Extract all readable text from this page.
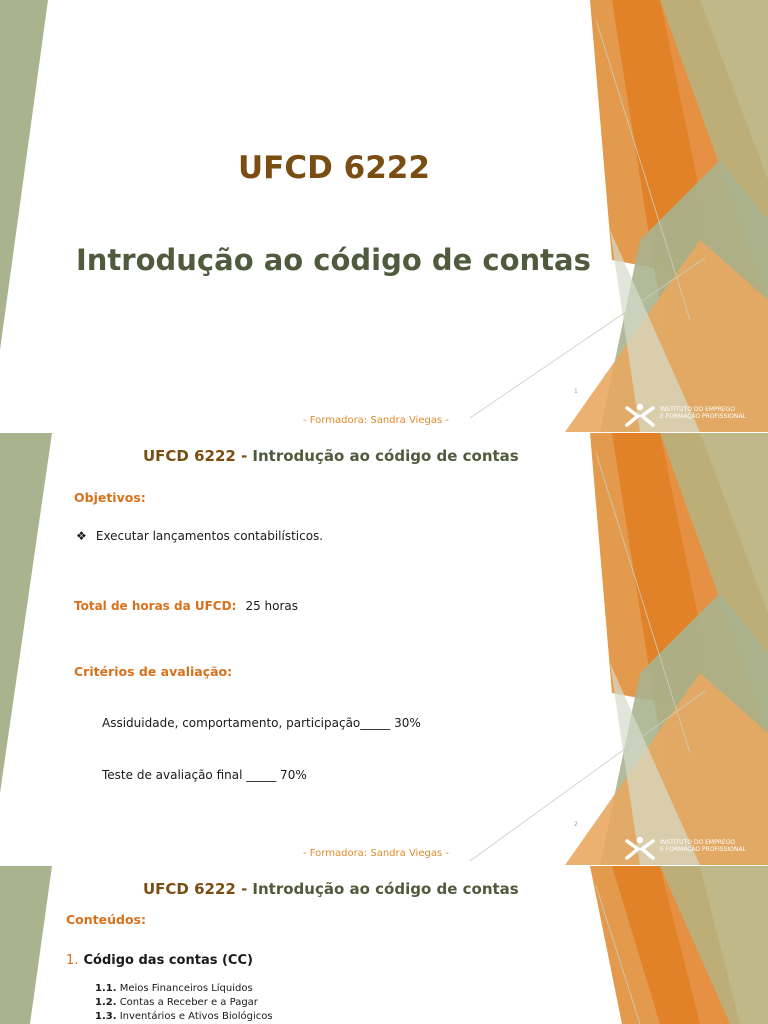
UFCD 6222
Introdução ao código de contas
1
- Formadora: Sandra Viegas -
INSTITUTO DO EMPREGO
E FORMAÇÃO PROFISSIONAL
UFCD 6222 - Introdução ao código de contas
Objetivos:
❖ Executar lançamentos contabilísticos.
Total de horas da UFCD: 25 horas
Critérios de avaliação:
Assiduidade, comportamento, participação_____ 30%
Teste de avaliação final _____ 70%
2
- Formadora: Sandra Viegas -
INSTITUTO DO EMPREGO
E FORMAÇÃO PROFISSIONAL
UFCD 6222 - Introdução ao código de contas
Conteúdos:
1. Código das contas (CC)
1.1. Meios Financeiros Líquidos
1.2. Contas a Receber e a Pagar
1.3. Inventários e Ativos Biológicos
